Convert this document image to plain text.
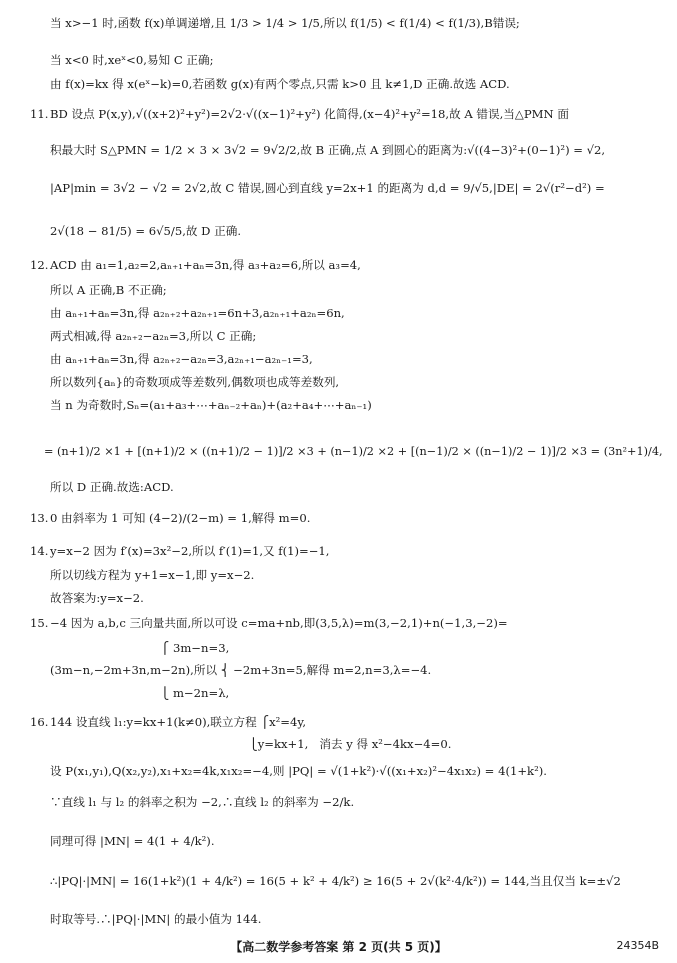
当 x>−1 时,函数 f(x)单调递增,且 1/3 > 1/4 > 1/5,所以 f(1/5) < f(1/4) < f(1/3),B错误;
当 x<0 时,xeˣ<0,易知 C 正确;
由 f(x)=kx 得 x(eˣ−k)=0,若函数 g(x)有两个零点,只需 k>0 且 k≠1,D 正确.故选 ACD.
11. BD 设点 P(x,y),√((x+2)²+y²)=2√2·√((x−1)²+y²) 化简得,(x−4)²+y²=18,故 A 错误,当△PMN 面
积最大时 S△PMN = 1/2 × 3 × 3√2 = 9√2/2,故 B 正确,点 A 到圆心的距离为:√((4−3)²+(0−1)²) = √2,
|AP|min = 3√2 − √2 = 2√2,故 C 错误,圆心到直线 y=2x+1 的距离为 d,d = 9/√5,|DE| = 2√(r²−d²) =
2√(18 − 81/5) = 6√5/5,故 D 正确.
12. ACD 由 a₁=1,a₂=2,aₙ₊₁+aₙ=3n,得 a₃+a₂=6,所以 a₃=4,
所以 A 正确,B 不正确;
由 aₙ₊₁+aₙ=3n,得 a₂ₙ₊₂+a₂ₙ₊₁=6n+3,a₂ₙ₊₁+a₂ₙ=6n,
两式相减,得 a₂ₙ₊₂−a₂ₙ=3,所以 C 正确;
由 aₙ₊₁+aₙ=3n,得 a₂ₙ₊₂−a₂ₙ=3,a₂ₙ₊₁−a₂ₙ₋₁=3,
所以数列{aₙ}的奇数项成等差数列,偶数项也成等差数列,
当 n 为奇数时,Sₙ=(a₁+a₃+⋯+aₙ₋₂+aₙ)+(a₂+a₄+⋯+aₙ₋₁)
= (n+1)/2 ×1 + [(n+1)/2 × ((n+1)/2 − 1)]/2 ×3 + (n−1)/2 ×2 + [(n−1)/2 × ((n−1)/2 − 1)]/2 ×3 = (3n²+1)/4,
所以 D 正确.故选:ACD.
13. 0 由斜率为 1 可知 (4−2)/(2−m) = 1,解得 m=0.
14. y=x−2 因为 f′(x)=3x²−2,所以 f′(1)=1,又 f(1)=−1,
所以切线方程为 y+1=x−1,即 y=x−2.
故答案为:y=x−2.
15. −4 因为 a,b,c 三向量共面,所以可设 c=ma+nb,即(3,5,λ)=m(3,−2,1)+n(−1,3,−2)=
⎧ 3m−n=3,
(3m−n,−2m+3n,m−2n),所以 ⎨ −2m+3n=5,解得 m=2,n=3,λ=−4.
⎩ m−2n=λ,
16. 144 设直线 l₁:y=kx+1(k≠0),联立方程 ⎧x²=4y,
⎩y=kx+1,   消去 y 得 x²−4kx−4=0.
设 P(x₁,y₁),Q(x₂,y₂),x₁+x₂=4k,x₁x₂=−4,则 |PQ| = √(1+k²)·√((x₁+x₂)²−4x₁x₂) = 4(1+k²).
∵直线 l₁ 与 l₂ 的斜率之积为 −2,∴直线 l₂ 的斜率为 −2/k.
同理可得 |MN| = 4(1 + 4/k²).
∴|PQ|·|MN| = 16(1+k²)(1 + 4/k²) = 16(5 + k² + 4/k²) ≥ 16(5 + 2√(k²·4/k²)) = 144,当且仅当 k=±√2
时取等号.∴|PQ|·|MN| 的最小值为 144.
【高二数学参考答案 第 2 页(共 5 页)】	24354B
